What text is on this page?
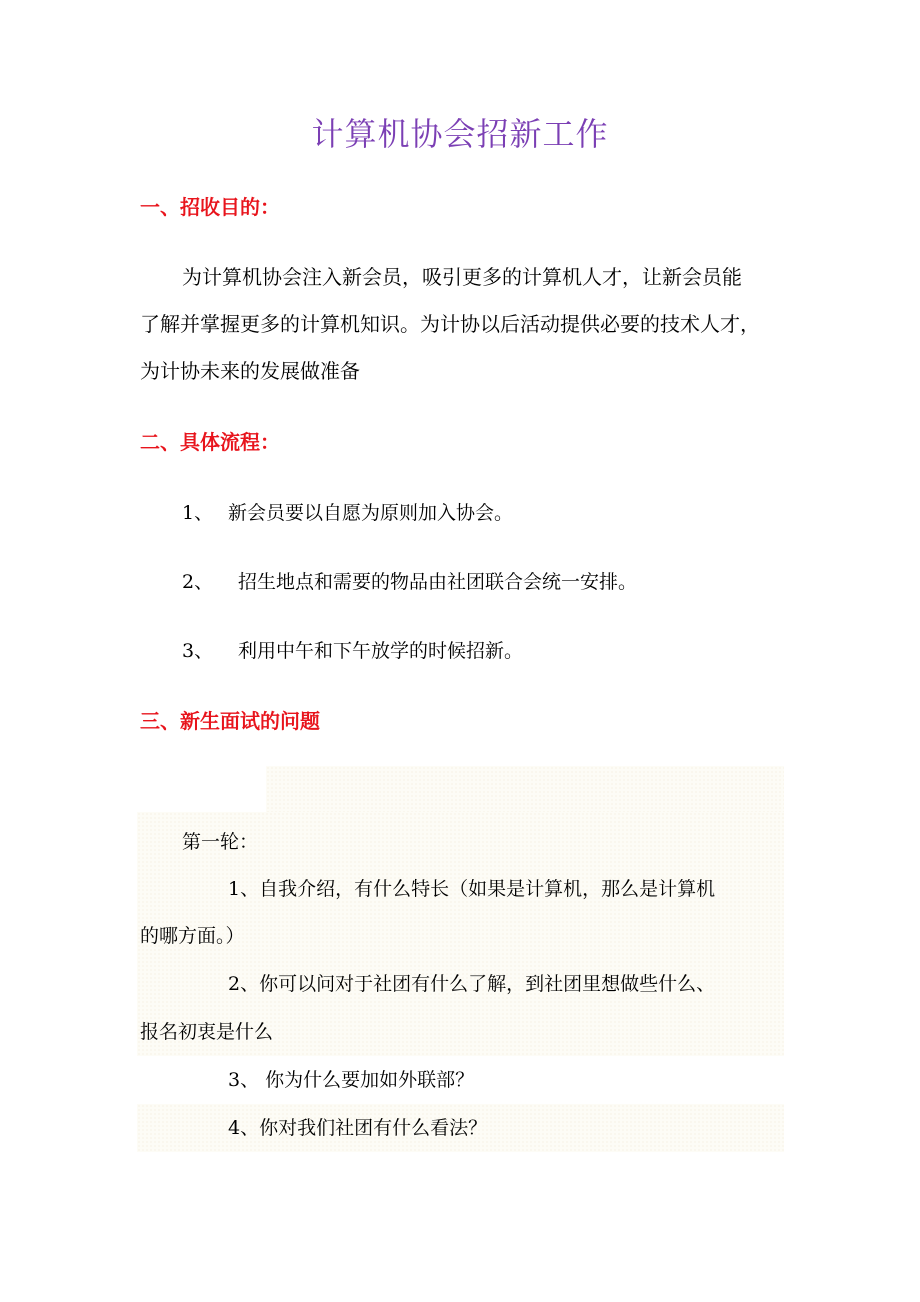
计算机协会招新工作
一、招收目的：
为计算机协会注入新会员，吸引更多的计算机人才，让新会员能
了解并掌握更多的计算机知识。为计协以后活动提供必要的技术人才，
为计协未来的发展做准备
二、具体流程：
1、 新会员要以自愿为原则加入协会。
2、 招生地点和需要的物品由社团联合会统一安排。
3、 利用中午和下午放学的时候招新。
三、新生面试的问题
第一轮：
1、自我介绍，有什么特长（如果是计算机，那么是计算机
的哪方面。）
2、你可以问对于社团有什么了解，到社团里想做些什么、
报名初衷是什么
3、 你为什么要加如外联部？
4、你对我们社团有什么看法？
